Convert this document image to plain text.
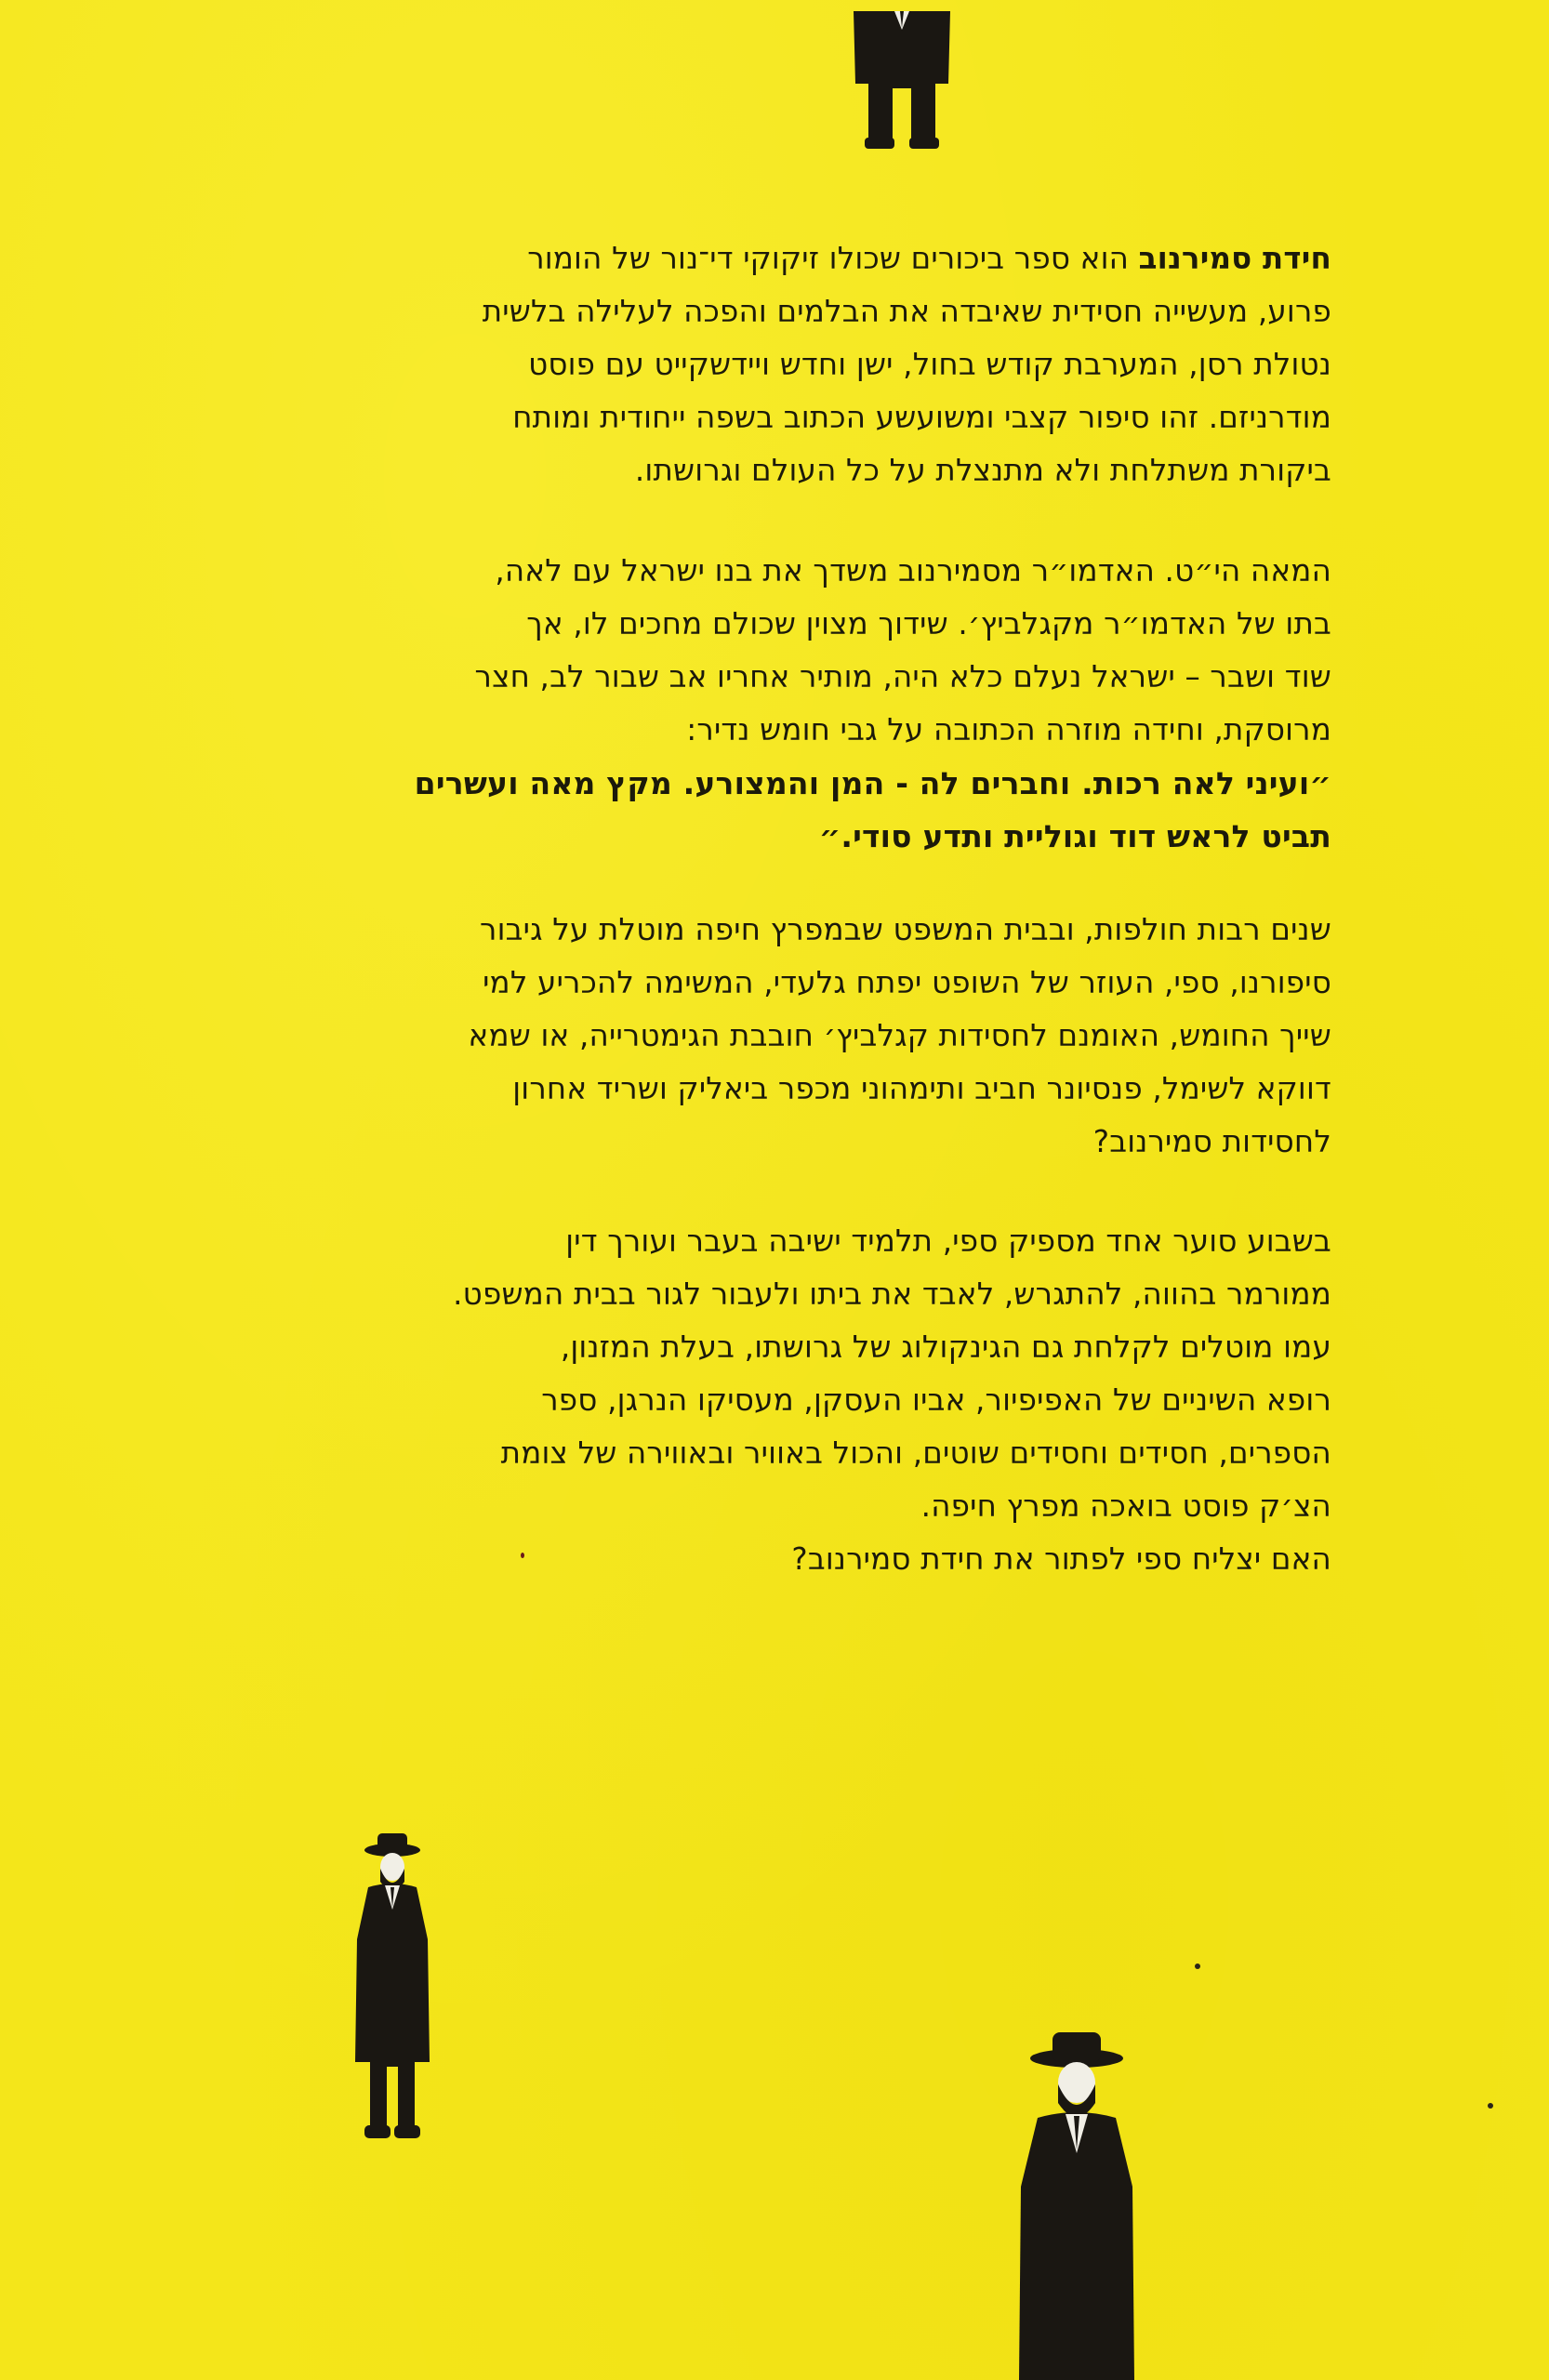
חידת סמירנוב הוא ספר ביכורים שכולו זיקוקי די־נור של הומור
פרוע, מעשייה חסידית שאיבדה את הבלמים והפכה לעלילה בלשית
נטולת רסן, המערבת קודש בחול, ישן וחדש ויידשקייט עם פוסט
מודרניזם. זהו סיפור קצבי ומשועשע הכתוב בשפה ייחודית ומותח
ביקורת משתלחת ולא מתנצלת על כל העולם וגרושתו.
המאה הי״ט. האדמו״ר מסמירנוב משדך את בנו ישראל עם לאה,
בתו של האדמו״ר מקגלביץ׳. שידוך מצוין שכולם מחכים לו, אך
שוד ושבר – ישראל נעלם כלא היה, מותיר אחריו אב שבור לב, חצר
מרוסקת, וחידה מוזרה הכתובה על גבי חומש נדיר:
״ועיני לאה רכות. וחברים לה - המן והמצורע. מקץ מאה ועשרים
תביט לראש דוד וגוליית ותדע סודי.״
שנים רבות חולפות, ובבית המשפט שבמפרץ חיפה מוטלת על גיבור
סיפורנו, ספי, העוזר של השופט יפתח גלעדי, המשימה להכריע למי
שייך החומש, האומנם לחסידות קגלביץ׳ חובבת הגימטרייה, או שמא
דווקא לשימל, פנסיונר חביב ותימהוני מכפר ביאליק ושריד אחרון
לחסידות סמירנוב?
בשבוע סוער אחד מספיק ספי, תלמיד ישיבה בעבר ועורך דין
ממורמר בהווה, להתגרש, לאבד את ביתו ולעבור לגור בבית המשפט.
עמו מוטלים לקלחת גם הגינקולוג של גרושתו, בעלת המזנון,
רופא השיניים של האפיפיור, אביו העסקן, מעסיקו הנרגן, ספר
הספרים, חסידים וחסידים שוטים, והכול באוויר ובאווירה של צומת
הצ׳ק פוסט בואכה מפרץ חיפה.
האם יצליח ספי לפתור את חידת סמירנוב?
